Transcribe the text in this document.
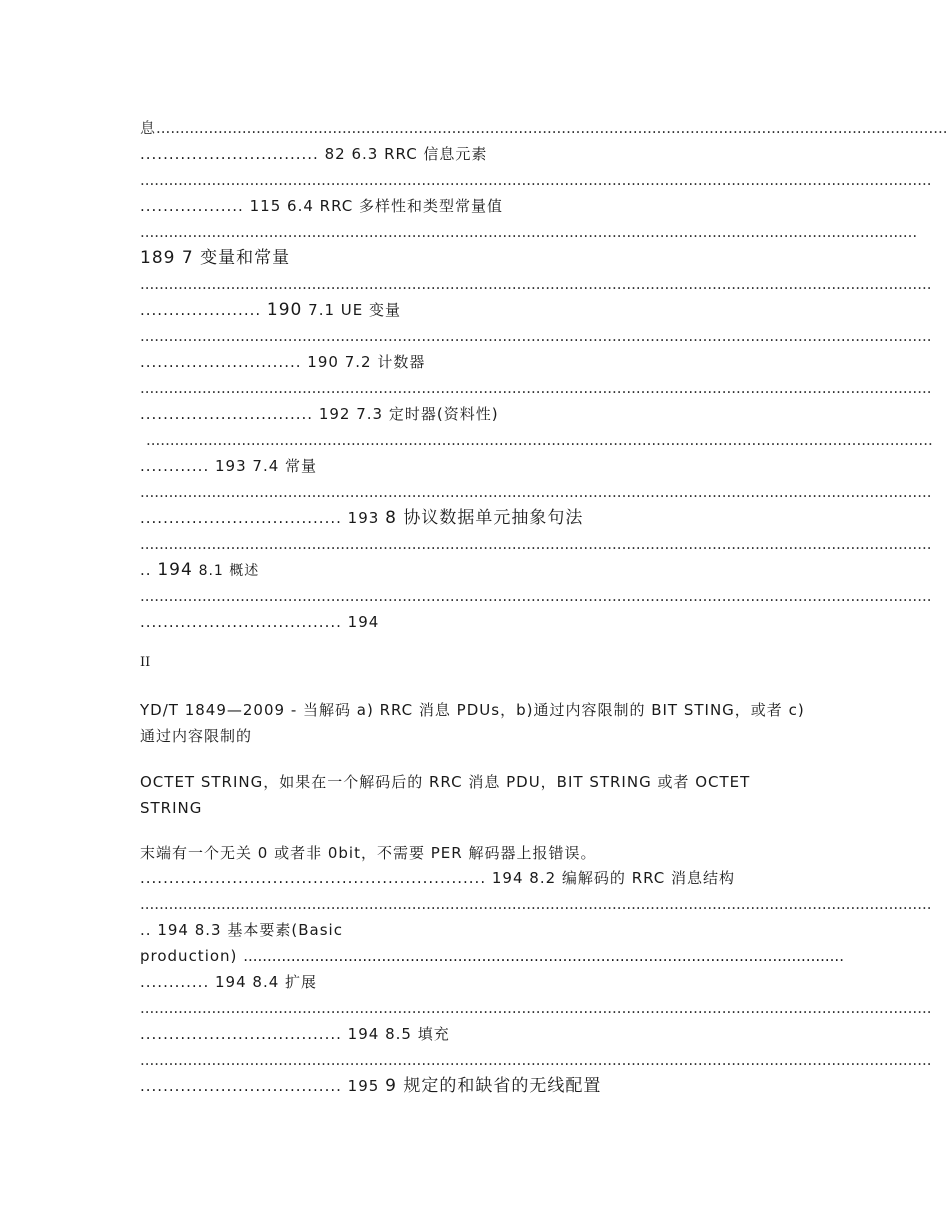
息......................................................................................................................................................................
............................... 82 6.3 RRC 信息元素
......................................................................................................................................................................
.................. 115 6.4 RRC 多样性和类型常量值
...................................................................................................................................................................
189 7 变量和常量
......................................................................................................................................................................
..................... 190 7.1 UE 变量
......................................................................................................................................................................
............................ 190 7.2 计数器
......................................................................................................................................................................
.............................. 192 7.3 定时器(资料性)
.....................................................................................................................................................................
............ 193 7.4 常量
......................................................................................................................................................................
................................... 193 8 协议数据单元抽象句法
......................................................................................................................................................................
.. 194 8.1 概述
......................................................................................................................................................................
................................... 194
II
YD/T 1849—2009 - 当解码 a) RRC 消息 PDUs，b)通过内容限制的 BIT STING，或者 c)通过内容限制的
OCTET STRING，如果在一个解码后的 RRC 消息 PDU，BIT STRING 或者 OCTET STRING
末端有一个无关 0 或者非 0bit，不需要 PER 解码器上报错误。
............................................................ 194 8.2 编解码的 RRC 消息结构
......................................................................................................................................................................
.. 194 8.3 基本要素(Basic
production) ..............................................................................................................................
............ 194 8.4 扩展
......................................................................................................................................................................
................................... 194 8.5 填充
......................................................................................................................................................................
................................... 195 9 规定的和缺省的无线配置
